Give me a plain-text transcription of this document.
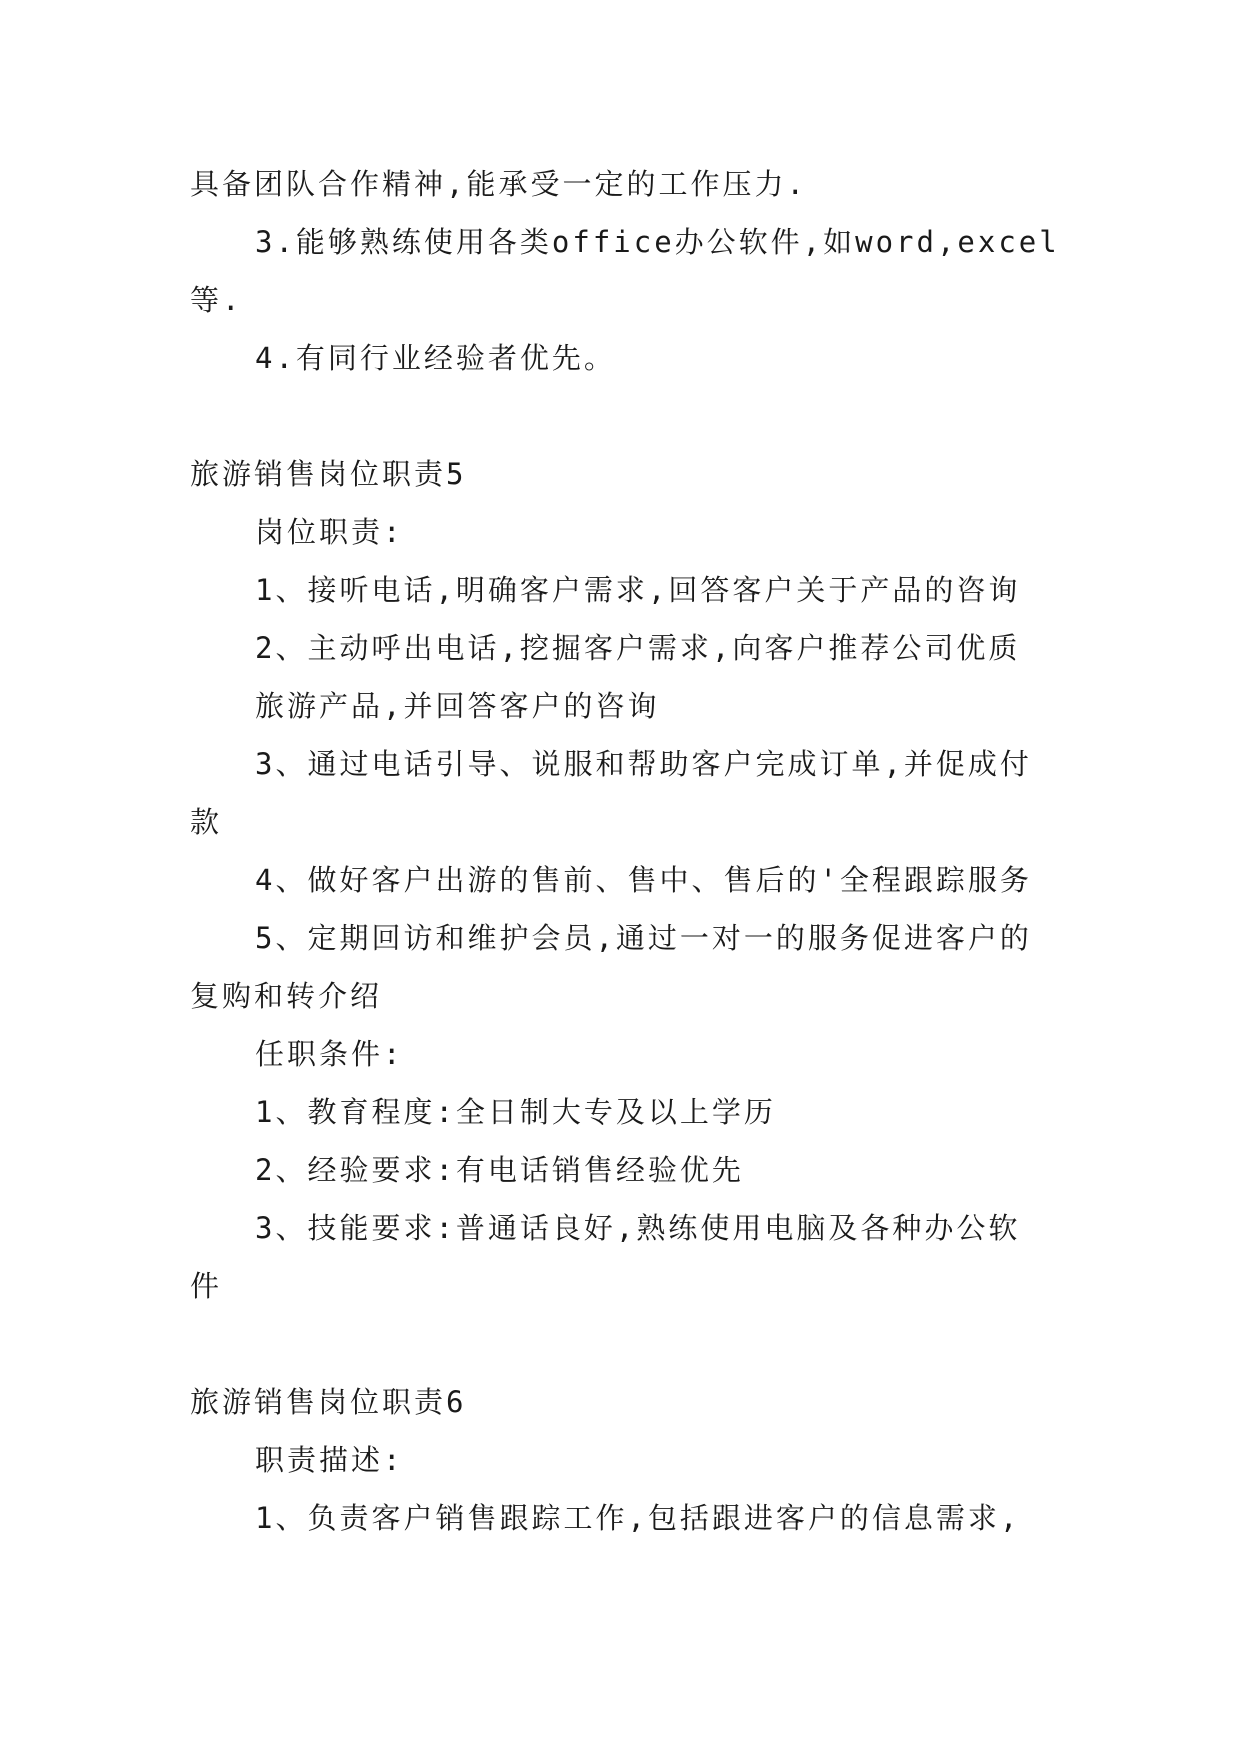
具备团队合作精神,能承受一定的工作压力.
3.能够熟练使用各类office办公软件,如word,excel
等.
4.有同行业经验者优先。
旅游销售岗位职责5
岗位职责:
1、接听电话,明确客户需求,回答客户关于产品的咨询
2、主动呼出电话,挖掘客户需求,向客户推荐公司优质
旅游产品,并回答客户的咨询
3、通过电话引导、说服和帮助客户完成订单,并促成付
款
4、做好客户出游的售前、售中、售后的'全程跟踪服务
5、定期回访和维护会员,通过一对一的服务促进客户的
复购和转介绍
任职条件:
1、教育程度:全日制大专及以上学历
2、经验要求:有电话销售经验优先
3、技能要求:普通话良好,熟练使用电脑及各种办公软
件
旅游销售岗位职责6
职责描述:
1、负责客户销售跟踪工作,包括跟进客户的信息需求,
